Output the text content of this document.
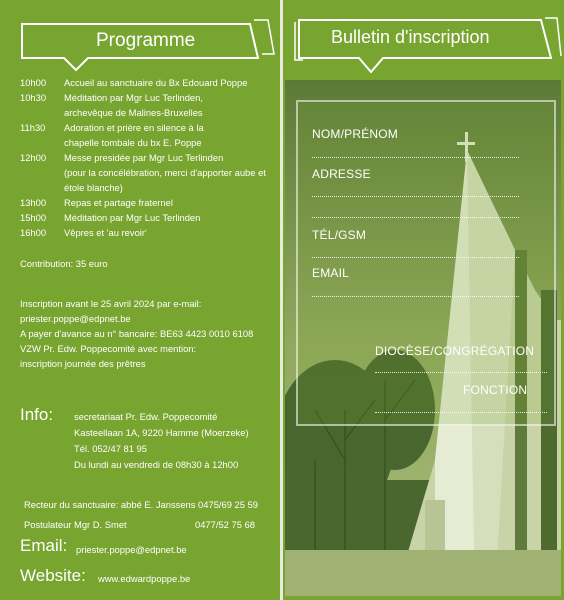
Programme
10h00 Accueil au sanctuaire du Bx Edouard Poppe
10h30 Méditation par Mgr Luc Terlinden,
archevêque de Malines-Bruxelles
11h30 Adoration et prière en silence à la
chapelle tombale du bx E. Poppe
12h00 Messe presidée par Mgr Luc Terlinden
(pour la concélébration, merci d'apporter aube et
étole blanche)
13h00 Repas et partage fraternel
15h00 Méditation par Mgr Luc Terlinden
16h00 Vêpres et 'au revoir'
Contribution: 35 euro
Inscription avant le 25 avril 2024 par e-mail:
priester.poppe@edpnet.be
A payer d'avance au n° bancaire: BE63 4423 0010 6108
VZW Pr. Edw. Poppecomité avec mention:
inscription journée des prêtres
Info: secretariaat Pr. Edw. Poppecomité
Kasteellaan 1A, 9220 Hamme (Moerzeke)
Tél. 052/47 81 95
Du lundi au vendredi de 08h30 à 12h00
Recteur du sanctuaire: abbé E. Janssens 0475/69 25 59
Postulateur Mgr D. Smet	0477/52 75 68
Email: priester.poppe@edpnet.be
Website: www.edwardpoppe.be
Bulletin d'inscription
NOM/PRÉNOM
ADRESSE
TÉL/GSM
EMAIL
DIOCÈSE/CONGRÉGATION
FONCTION
